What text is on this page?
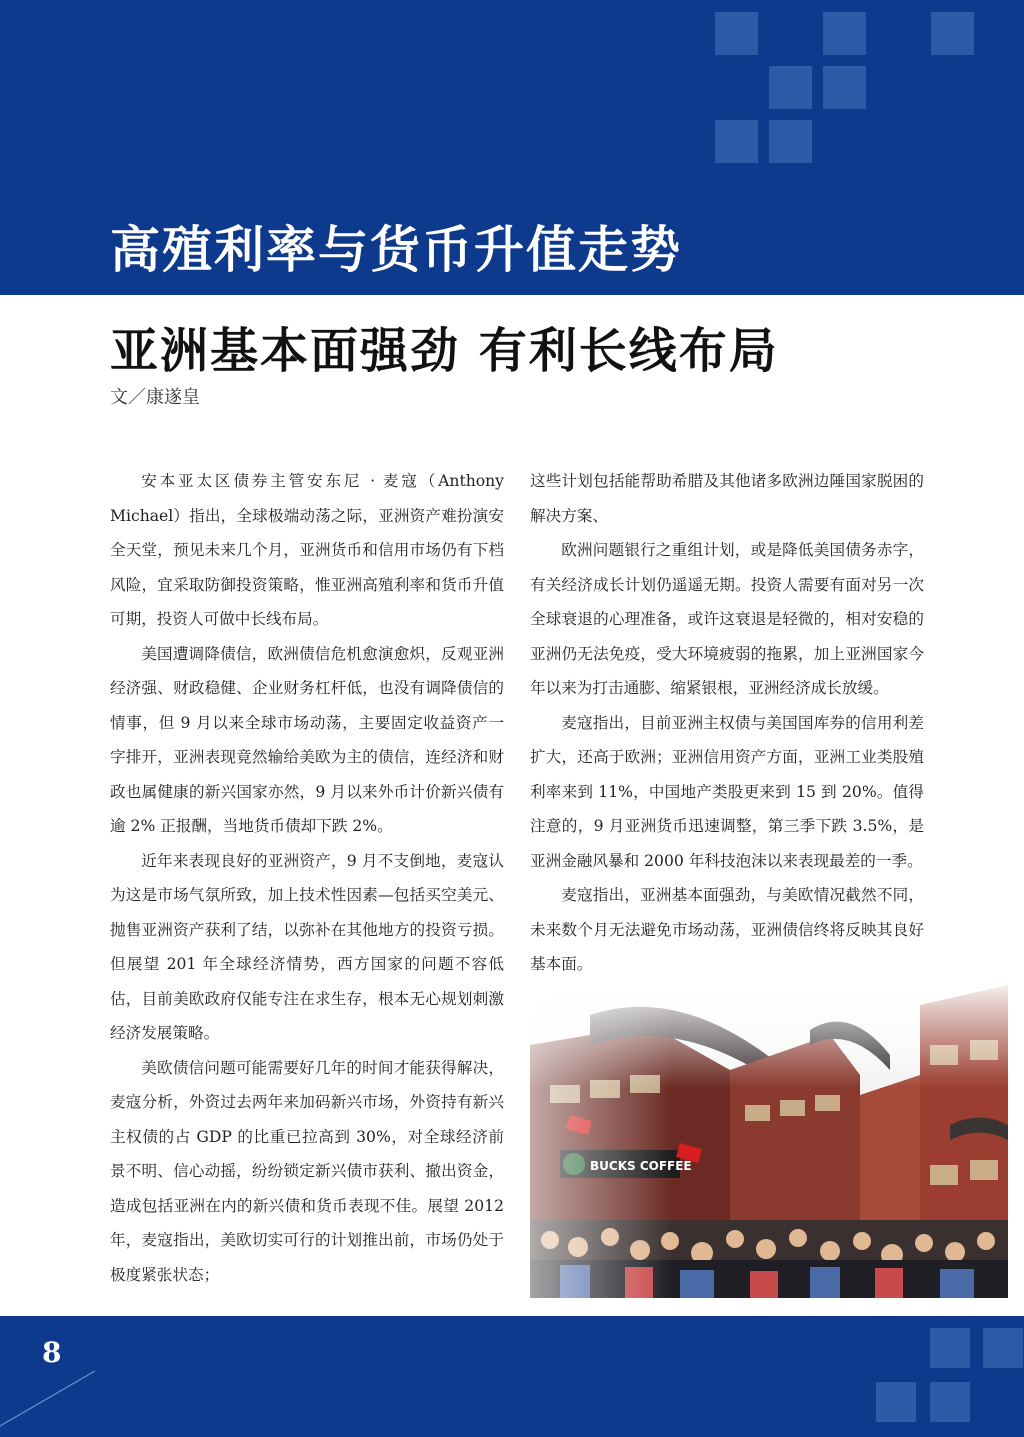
高殖利率与货币升值走势
亚洲基本面强劲 有利长线布局
文／康遂皇

安本亚太区债券主管安东尼 · 麦寇（Anthony Michael）指出，全球极端动荡之际，亚洲资产难扮演安全天堂，预见未来几个月，亚洲货币和信用市场仍有下档风险，宜采取防御投资策略，惟亚洲高殖利率和货币升值可期，投资人可做中长线布局。

美国遭调降债信，欧洲债信危机愈演愈炽，反观亚洲经济强、财政稳健、企业财务杠杆低，也没有调降债信的情事，但 9 月以来全球市场动荡，主要固定收益资产一字排开，亚洲表现竟然输给美欧为主的债信，连经济和财政也属健康的新兴国家亦然，9 月以来外币计价新兴债有逾 2% 正报酬，当地货币债却下跌 2%。

近年来表现良好的亚洲资产，9 月不支倒地，麦寇认为这是市场气氛所致，加上技术性因素—包括买空美元、抛售亚洲资产获利了结，以弥补在其他地方的投资亏损。但展望 201 年全球经济情势，西方国家的问题不容低估，目前美欧政府仅能专注在求生存，根本无心规划刺激经济发展策略。

美欧债信问题可能需要好几年的时间才能获得解决，麦寇分析，外资过去两年来加码新兴市场，外资持有新兴主权债的占 GDP 的比重已拉高到 30%，对全球经济前景不明、信心动摇，纷纷锁定新兴债市获利、撤出资金，造成包括亚洲在内的新兴债和货币表现不佳。展望 2012 年，麦寇指出，美欧切实可行的计划推出前，市场仍处于极度紧张状态；

这些计划包括能帮助希腊及其他诸多欧洲边陲国家脱困的解决方案、

欧洲问题银行之重组计划，或是降低美国债务赤字，有关经济成长计划仍遥遥无期。投资人需要有面对另一次全球衰退的心理准备，或许这衰退是轻微的，相对安稳的亚洲仍无法免疫，受大环境疲弱的拖累，加上亚洲国家今年以来为打击通膨、缩紧银根，亚洲经济成长放缓。

麦寇指出，目前亚洲主权债与美国国库券的信用利差扩大，还高于欧洲；亚洲信用资产方面，亚洲工业类股殖利率来到 11%，中国地产类股更来到 15 到 20%。值得注意的，9 月亚洲货币迅速调整，第三季下跌 3.5%，是亚洲金融风暴和 2000 年科技泡沫以来表现最差的一季。

麦寇指出，亚洲基本面强劲，与美欧情况截然不同，未来数个月无法避免市场动荡，亚洲债信终将反映其良好基本面。

8
